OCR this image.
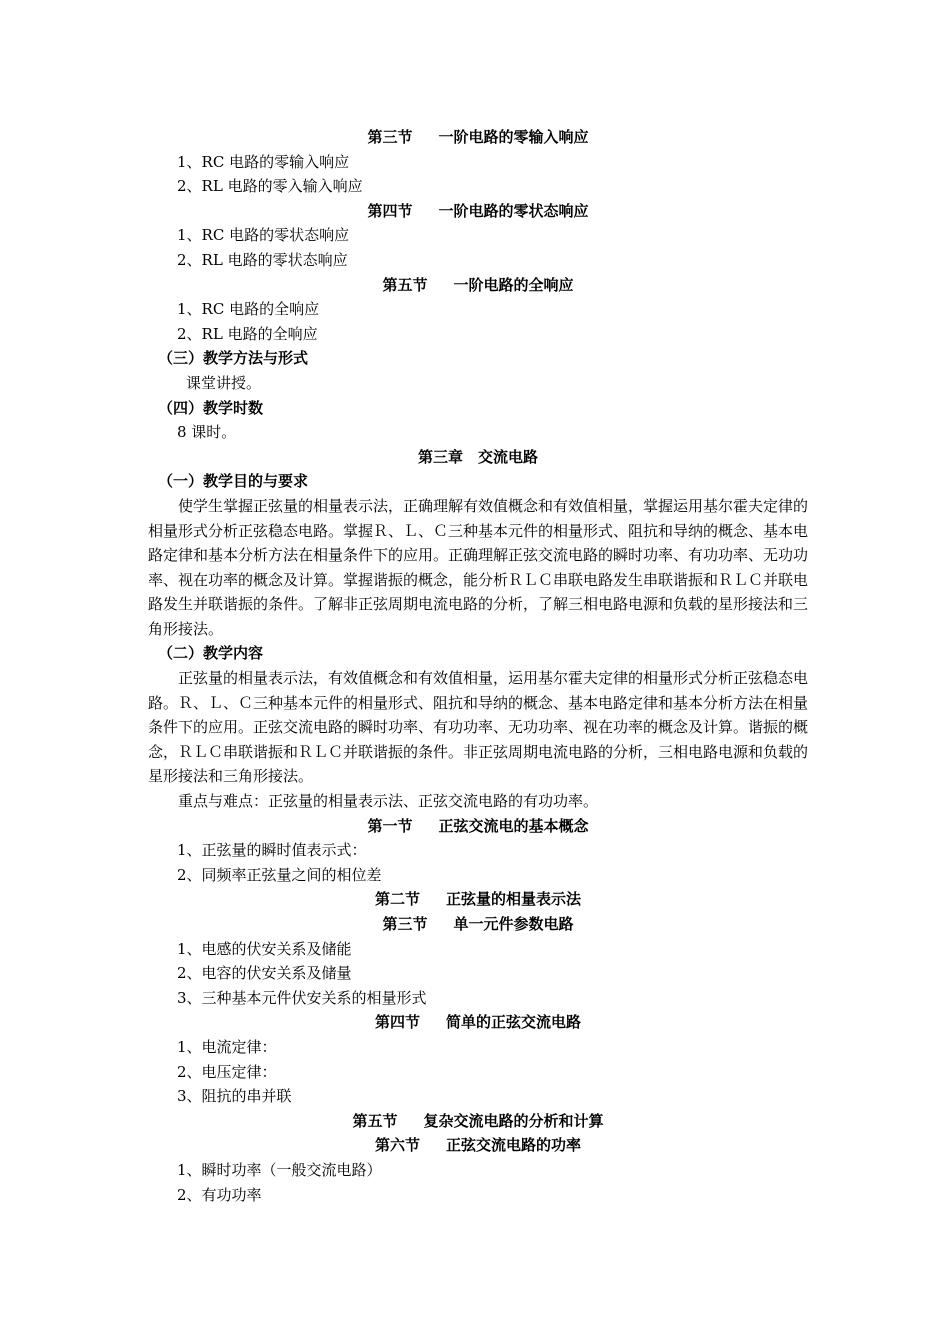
第三节 一阶电路的零输入响应
1、RC 电路的零输入响应
2、RL 电路的零入输入响应
第四节 一阶电路的零状态响应
1、RC 电路的零状态响应
2、RL 电路的零状态响应
第五节 一阶电路的全响应
1、RC 电路的全响应
2、RL 电路的全响应
（三）教学方法与形式
课堂讲授。
（四）教学时数
8 课时。
第三章　交流电路
（一）教学目的与要求

使学生掌握正弦量的相量表示法，正确理解有效值概念和有效值相量，掌握运用基尔霍夫定律的相量形式分析正弦稳态电路。掌握Ｒ、Ｌ、Ｃ三种基本元件的相量形式、阻抗和导纳的概念、基本电路定律和基本分析方法在相量条件下的应用。正确理解正弦交流电路的瞬时功率、有功功率、无功功率、视在功率的概念及计算。掌握谐振的概念，能分析ＲＬＣ串联电路发生串联谐振和ＲＬＣ并联电路发生并联谐振的条件。了解非正弦周期电流电路的分析，了解三相电路电源和负载的星形接法和三角形接法。

（二）教学内容

正弦量的相量表示法，有效值概念和有效值相量，运用基尔霍夫定律的相量形式分析正弦稳态电路。Ｒ、Ｌ、Ｃ三种基本元件的相量形式、阻抗和导纳的概念、基本电路定律和基本分析方法在相量条件下的应用。正弦交流电路的瞬时功率、有功功率、无功功率、视在功率的概念及计算。谐振的概念，ＲＬＣ串联谐振和ＲＬＣ并联谐振的条件。非正弦周期电流电路的分析，三相电路电源和负载的星形接法和三角形接法。

重点与难点：正弦量的相量表示法、正弦交流电路的有功功率。
第一节 正弦交流电的基本概念
1、正弦量的瞬时值表示式：
2、同频率正弦量之间的相位差
第二节 正弦量的相量表示法
第三节 单一元件参数电路
1、电感的伏安关系及储能
2、电容的伏安关系及储量
3、三种基本元件伏安关系的相量形式
第四节 简单的正弦交流电路
1、电流定律：
2、电压定律：
3、阻抗的串并联
第五节 复杂交流电路的分析和计算
第六节 正弦交流电路的功率
1、瞬时功率（一般交流电路）
2、有功功率
